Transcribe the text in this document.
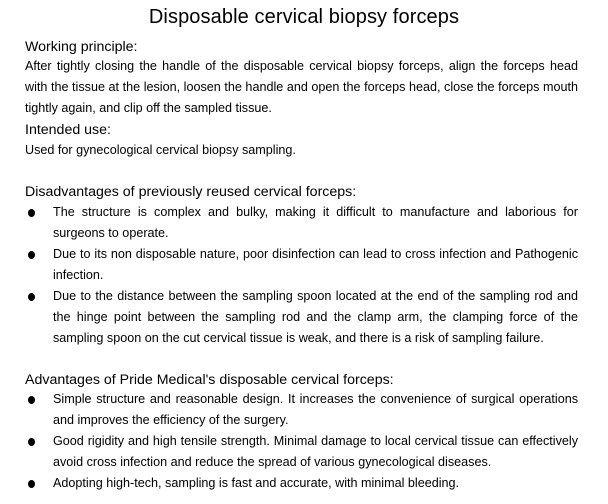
Disposable cervical biopsy forceps
Working principle:
After tightly closing the handle of the disposable cervical biopsy forceps, align the forceps head with the tissue at the lesion, loosen the handle and open the forceps head, close the forceps mouth tightly again, and clip off the sampled tissue.
Intended use:
Used for gynecological cervical biopsy sampling.
Disadvantages of previously reused cervical forceps:
The structure is complex and bulky, making it difficult to manufacture and laborious for surgeons to operate.
Due to its non disposable nature, poor disinfection can lead to cross infection and Pathogenic infection.
Due to the distance between the sampling spoon located at the end of the sampling rod and the hinge point between the sampling rod and the clamp arm, the clamping force of the sampling spoon on the cut cervical tissue is weak, and there is a risk of sampling failure.
Advantages of Pride Medical's disposable cervical forceps:
Simple structure and reasonable design. It increases the convenience of surgical operations and improves the efficiency of the surgery.
Good rigidity and high tensile strength. Minimal damage to local cervical tissue can effectively avoid cross infection and reduce the spread of various gynecological diseases.
Adopting high-tech, sampling is fast and accurate, with minimal bleeding.
